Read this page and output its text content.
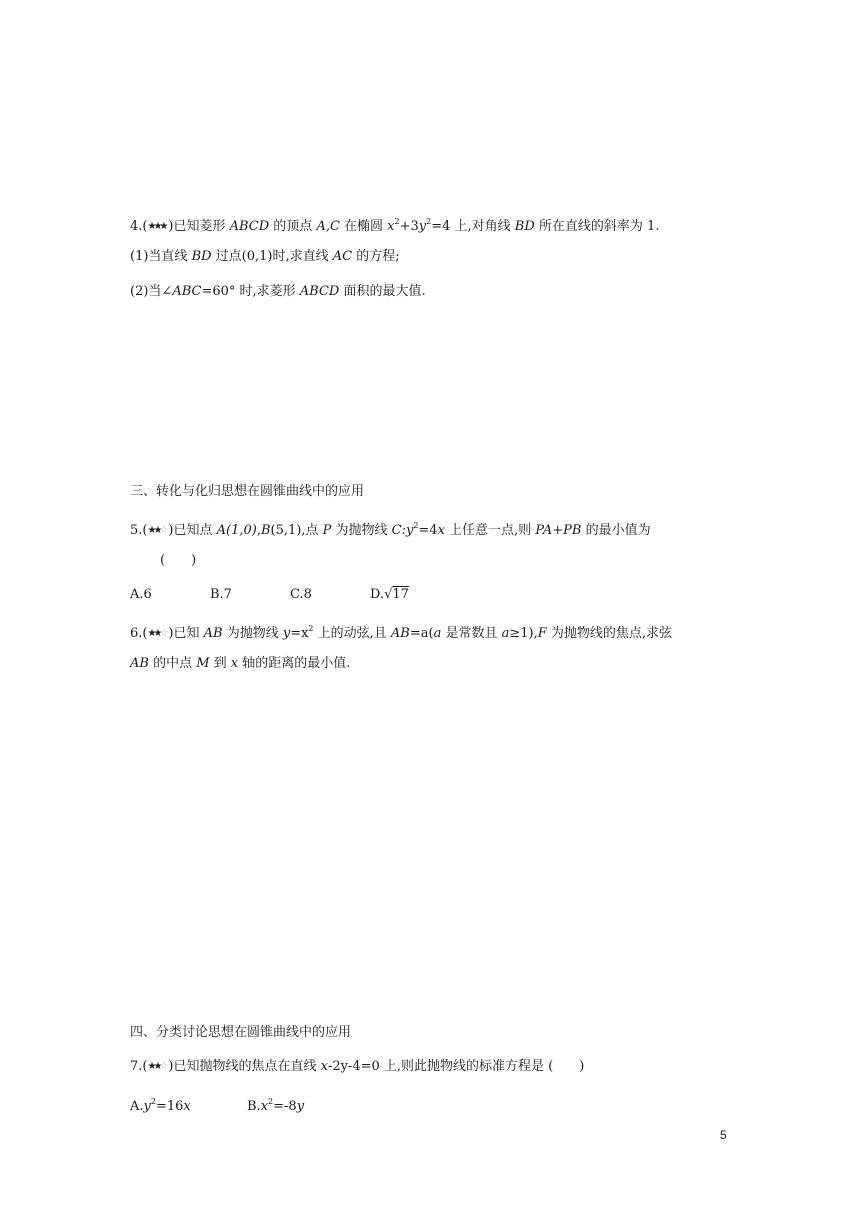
4.(★★★ )已知菱形 ABCD 的顶点 A,C 在椭圆 $x^2+3y^2=4$ 上,对角线 BD 所在直线的斜率为 1.
(1)当直线 BD 过点(0,1)时,求直线 AC 的方程;
(2)当∠ABC=60° 时,求菱形 ABCD 面积的最大值.
三、转化与化归思想在圆锥曲线中的应用
5.(★★☆ )已知点 A(1,0),B(5,1),点 P 为抛物线 $C:y^2=4x$ 上任意一点,则 PA+PB 的最小值为
(　　)
A.6	B.7	C.8	D.√17
6.(★★☆ )已知 AB 为抛物线 $y=x^2$ 上的动弦,且 AB=a(a 是常数且 a≥1),F 为抛物线的焦点,求弦
AB 的中点 M 到 x 轴的距离的最小值.
四、分类讨论思想在圆锥曲线中的应用
7.(★★☆ )已知抛物线的焦点在直线 x-2y-4=0 上,则此抛物线的标准方程是 (　　)
$A.y^2=16x$	$B.x^2=-8y$
5
